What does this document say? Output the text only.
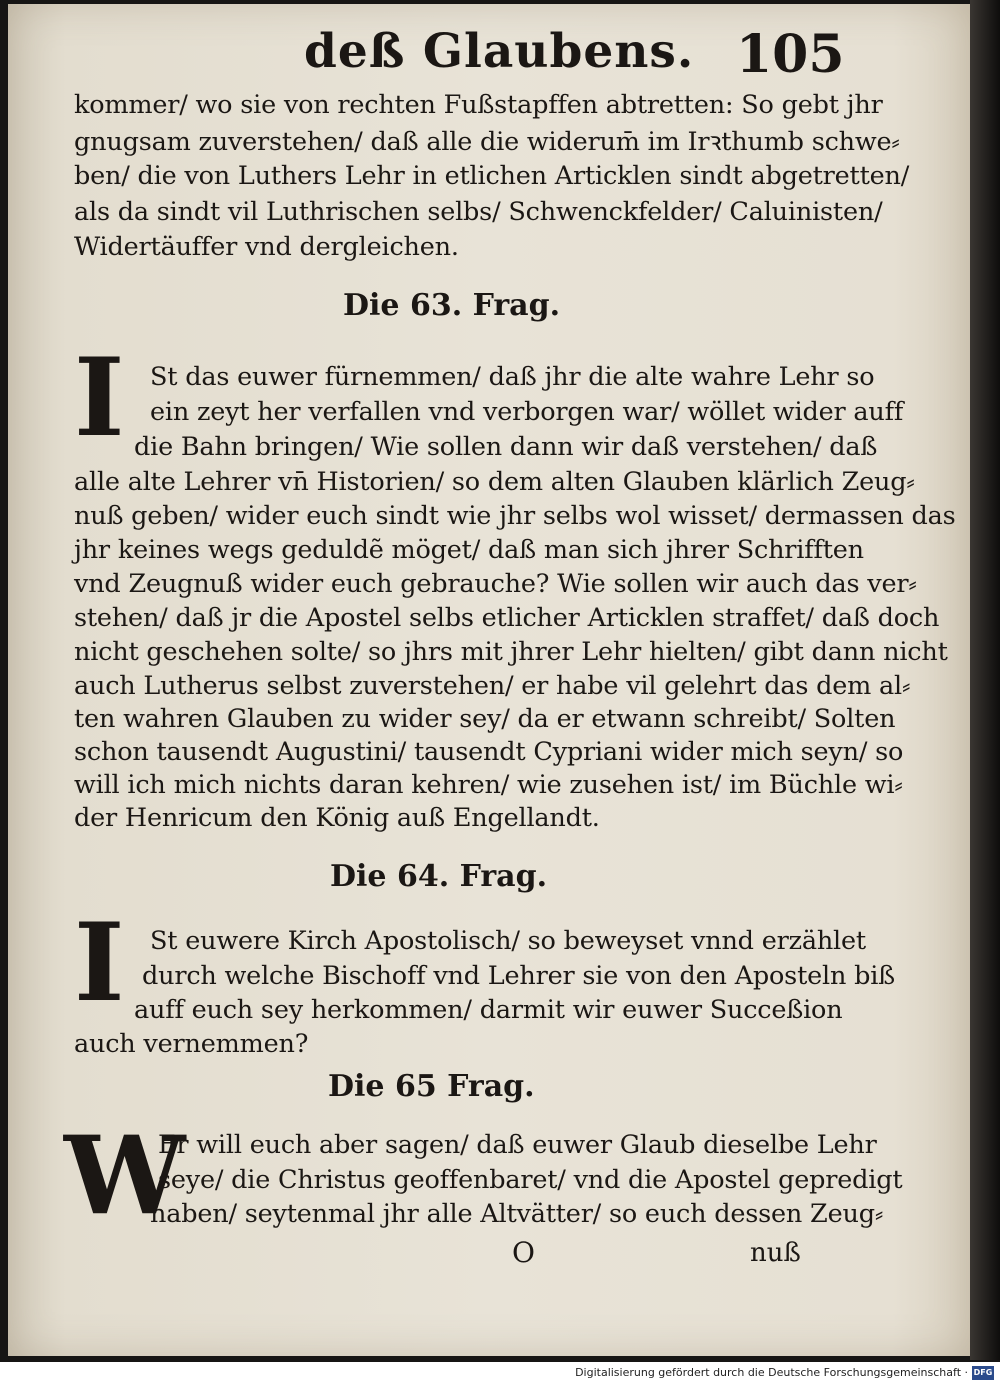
deß Glaubens. 105
kommer/ wo sie von rechten Fußstapffen abtretten: So gebt jhr
gnugsam zuverstehen/ daß alle die widerum̄ im Irꝛthumb schwe⸗
ben/ die von Luthers Lehr in etlichen Articklen sindt abgetretten/
als da sindt vil Luthrischen selbs/ Schwenckfelder/ Caluinisten/
Widertäuffer vnd dergleichen.
Die 63. Frag.
I St das euwer fürnemmen/ daß jhr die alte wahre Lehr so
ein zeyt her verfallen vnd verborgen war/ wöllet wider auff
die Bahn bringen/ Wie sollen dann wir daß verstehen/ daß
alle alte Lehrer vn̄ Historien/ so dem alten Glauben klärlich Zeug⸗
nuß geben/ wider euch sindt wie jhr selbs wol wisset/ dermassen das
jhr keines wegs geduldẽ möget/ daß man sich jhrer Schrifften
vnd Zeugnuß wider euch gebrauche? Wie sollen wir auch das ver⸗
stehen/ daß jr die Apostel selbs etlicher Articklen straffet/ daß doch
nicht geschehen solte/ so jhrs mit jhrer Lehr hielten/ gibt dann nicht
auch Lutherus selbst zuverstehen/ er habe vil gelehrt das dem al⸗
ten wahren Glauben zu wider sey/ da er etwann schreibt/ Solten
schon tausendt Augustini/ tausendt Cypriani wider mich seyn/ so
will ich mich nichts daran kehren/ wie zusehen ist/ im Büchle wi⸗
der Henricum den König auß Engellandt.
Die 64. Frag.
I St euwere Kirch Apostolisch/ so beweyset vnnd erzählet
durch welche Bischoff vnd Lehrer sie von den Aposteln biß
auff euch sey herkommen/ darmit wir euwer Succeßion
auch vernemmen?
Die 65 Frag.
W
Er will euch aber sagen/ daß euwer Glaub dieselbe Lehr
seye/ die Christus geoffenbaret/ vnd die Apostel gepredigt
haben/ seytenmal jhr alle Altvätter/ so euch dessen Zeug⸗
O	nuß
Digitalisierung gefördert durch die Deutsche Forschungsgemeinschaft · DFG
